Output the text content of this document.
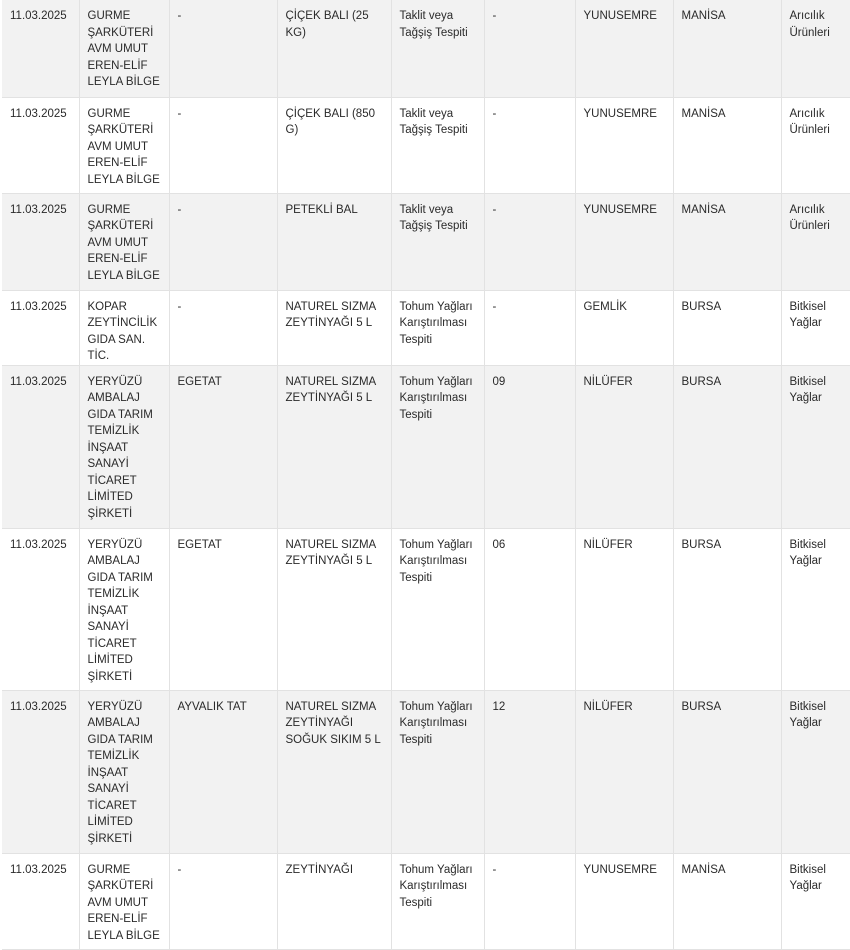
11.03.2025	GURME ŞARKÜTERİ AVM UMUT EREN-ELİF LEYLA BİLGE	-	ÇİÇEK BALI (25 KG)	Taklit veya Tağşiş Tespiti	-	YUNUSEMRE	MANİSA	Arıcılık Ürünleri
11.03.2025	GURME ŞARKÜTERİ AVM UMUT EREN-ELİF LEYLA BİLGE	-	ÇİÇEK BALI (850 G)	Taklit veya Tağşiş Tespiti	-	YUNUSEMRE	MANİSA	Arıcılık Ürünleri
11.03.2025	GURME ŞARKÜTERİ AVM UMUT EREN-ELİF LEYLA BİLGE	-	PETEKLİ BAL	Taklit veya Tağşiş Tespiti	-	YUNUSEMRE	MANİSA	Arıcılık Ürünleri
11.03.2025	KOPAR ZEYTİNCİLİK GIDA SAN. TİC.	-	NATUREL SIZMA ZEYTİNYAĞI 5 L	Tohum Yağları Karıştırılması Tespiti	-	GEMLİK	BURSA	Bitkisel Yağlar
11.03.2025	YERYÜZÜ AMBALAJ GIDA TARIM TEMİZLİK İNŞAAT SANAYİ TİCARET LİMİTED ŞİRKETİ	EGETAT	NATUREL SIZMA ZEYTİNYAĞI 5 L	Tohum Yağları Karıştırılması Tespiti	09	NİLÜFER	BURSA	Bitkisel Yağlar
11.03.2025	YERYÜZÜ AMBALAJ GIDA TARIM TEMİZLİK İNŞAAT SANAYİ TİCARET LİMİTED ŞİRKETİ	EGETAT	NATUREL SIZMA ZEYTİNYAĞI 5 L	Tohum Yağları Karıştırılması Tespiti	06	NİLÜFER	BURSA	Bitkisel Yağlar
11.03.2025	YERYÜZÜ AMBALAJ GIDA TARIM TEMİZLİK İNŞAAT SANAYİ TİCARET LİMİTED ŞİRKETİ	AYVALIK TAT	NATUREL SIZMA ZEYTİNYAĞI SOĞUK SIKIM 5 L	Tohum Yağları Karıştırılması Tespiti	12	NİLÜFER	BURSA	Bitkisel Yağlar
11.03.2025	GURME ŞARKÜTERİ AVM UMUT EREN-ELİF LEYLA BİLGE	-	ZEYTİNYAĞI	Tohum Yağları Karıştırılması Tespiti	-	YUNUSEMRE	MANİSA	Bitkisel Yağlar
